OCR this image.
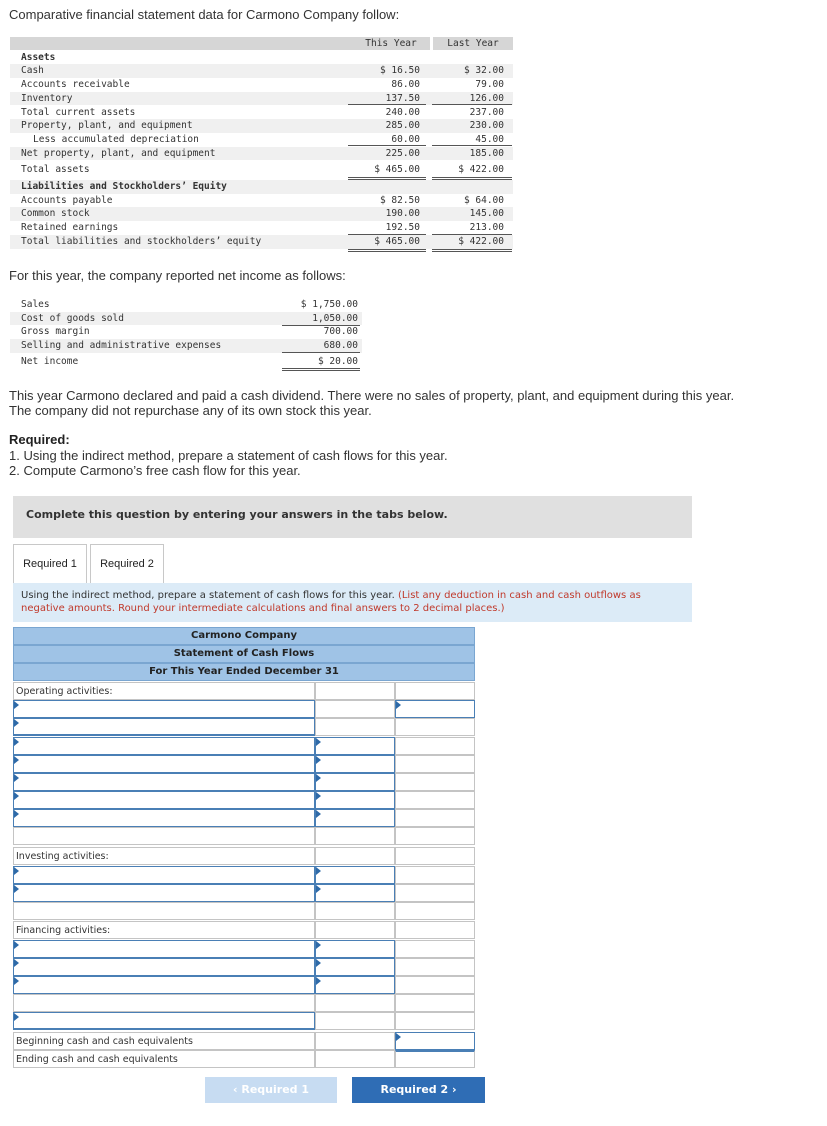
Comparative financial statement data for Carmono Company follow:
This Year	Last Year
Assets
Cash	$ 16.50	$ 32.00
Accounts receivable	86.00	79.00
Inventory	137.50	126.00
Total current assets	240.00	237.00
Property, plant, and equipment	285.00	230.00
Less accumulated depreciation	60.00	45.00
Net property, plant, and equipment	225.00	185.00
Total assets	$ 465.00	$ 422.00
Liabilities and Stockholders’ Equity
Accounts payable	$ 82.50	$ 64.00
Common stock	190.00	145.00
Retained earnings	192.50	213.00
Total liabilities and stockholders’ equity	$ 465.00	$ 422.00
For this year, the company reported net income as follows:
Sales	$ 1,750.00
Cost of goods sold	1,050.00
Gross margin	700.00
Selling and administrative expenses	680.00
Net income	$ 20.00
This year Carmono declared and paid a cash dividend. There were no sales of property, plant, and equipment during this year. The company did not repurchase any of its own stock this year.
Required:
1. Using the indirect method, prepare a statement of cash flows for this year.
2. Compute Carmono’s free cash flow for this year.
Complete this question by entering your answers in the tabs below.
Required 1	Required 2
Using the indirect method, prepare a statement of cash flows for this year. (List any deduction in cash and cash outflows as negative amounts. Round your intermediate calculations and final answers to 2 decimal places.)
Carmono Company
Statement of Cash Flows
For This Year Ended December 31
Operating activities:
Investing activities:
Financing activities:
Beginning cash and cash equivalents
Ending cash and cash equivalents
‹ Required 1	Required 2 ›
